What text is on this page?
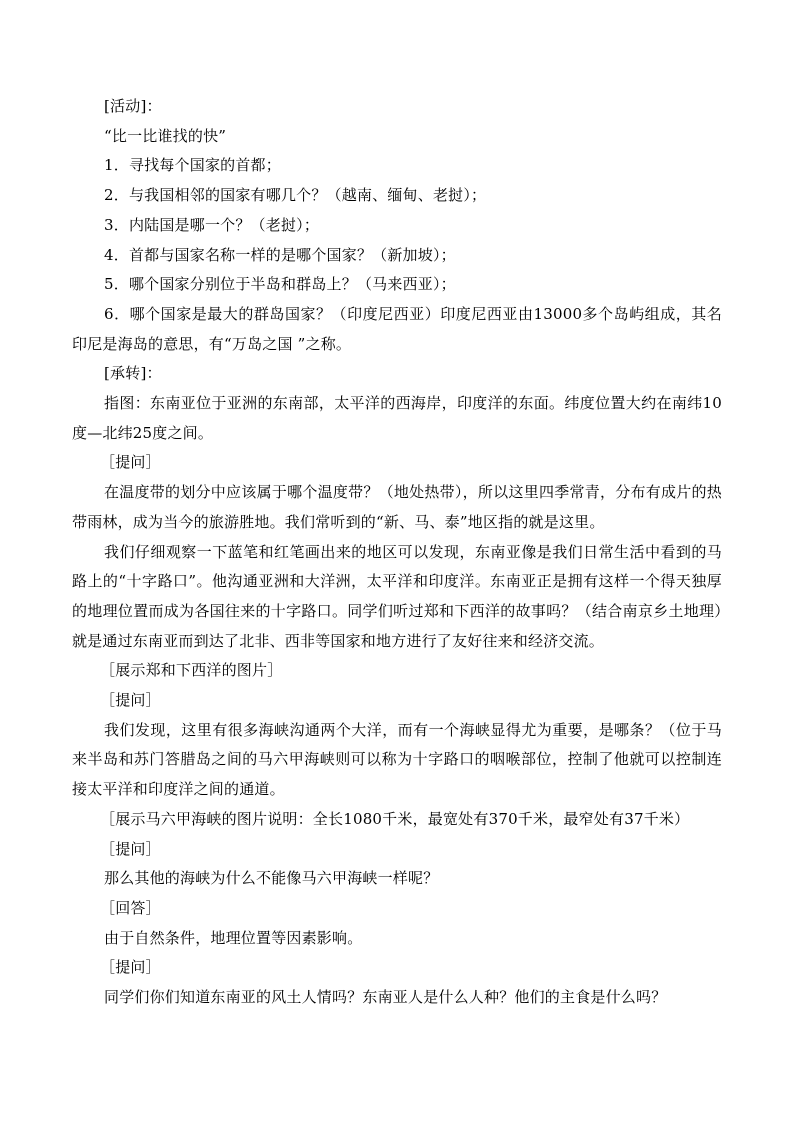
[活动]：

“比一比谁找的快”

1．寻找每个国家的首都；

2．与我国相邻的国家有哪几个？（越南、缅甸、老挝）；

3．内陆国是哪一个？（老挝）；

4．首都与国家名称一样的是哪个国家？（新加坡）；

5．哪个国家分别位于半岛和群岛上？（马来西亚）；

6．哪个国家是最大的群岛国家？（印度尼西亚）印度尼西亚由13000多个岛屿组成，其名印尼是海岛的意思，有“万岛之国 ”之称。

[承转]：

指图：东南亚位于亚洲的东南部，太平洋的西海岸，印度洋的东面。纬度位置大约在南纬10度—北纬25度之间。

［提问］

在温度带的划分中应该属于哪个温度带？（地处热带），所以这里四季常青，分布有成片的热带雨林，成为当今的旅游胜地。我们常听到的“新、马、泰”地区指的就是这里。

我们仔细观察一下蓝笔和红笔画出来的地区可以发现，东南亚像是我们日常生活中看到的马路上的“十字路口”。他沟通亚洲和大洋洲，太平洋和印度洋。东南亚正是拥有这样一个得天独厚的地理位置而成为各国往来的十字路口。同学们听过郑和下西洋的故事吗？（结合南京乡土地理）就是通过东南亚而到达了北非、西非等国家和地方进行了友好往来和经济交流。

［展示郑和下西洋的图片］

［提问］

我们发现，这里有很多海峡沟通两个大洋，而有一个海峡显得尤为重要，是哪条？（位于马来半岛和苏门答腊岛之间的马六甲海峡则可以称为十字路口的咽喉部位，控制了他就可以控制连接太平洋和印度洋之间的通道。

［展示马六甲海峡的图片说明：全长1080千米，最宽处有370千米，最窄处有37千米）

［提问］

那么其他的海峡为什么不能像马六甲海峡一样呢？

［回答］

由于自然条件，地理位置等因素影响。

［提问］

同学们你们知道东南亚的风土人情吗？东南亚人是什么人种？他们的主食是什么吗？
